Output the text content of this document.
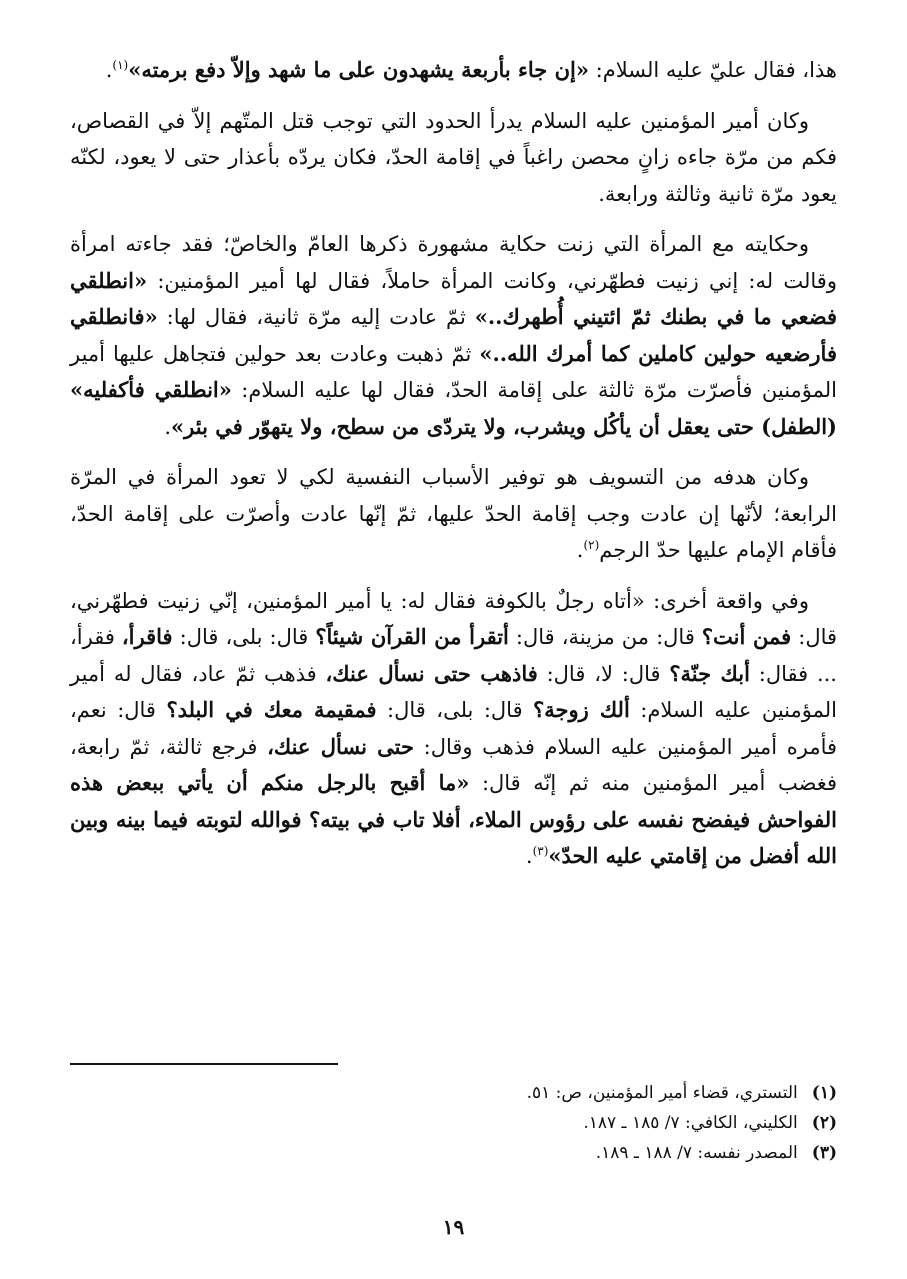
هذا، فقال عليّ عليه السلام: «إن جاء بأربعة يشهدون على ما شهد وإلاّ دفع برمته»$^{(١)}$.

وكان أمير المؤمنين عليه السلام يدرأ الحدود التي توجب قتل المتّهم إلاّ في القصاص، فكم من مرّة جاءه زانٍ محصن راغباً في إقامة الحدّ، فكان يردّه بأعذار حتى لا يعود، لكنّه يعود مرّة ثانية وثالثة ورابعة.

وحكايته مع المرأة التي زنت حكاية مشهورة ذكرها العامّ والخاصّ؛ فقد جاءته امرأة وقالت له: إني زنيت فطهّرني، وكانت المرأة حاملاً، فقال لها أمير المؤمنين: «انطلقي فضعي ما في بطنك ثمّ ائتيني أُطهرك..» ثمّ عادت إليه مرّة ثانية، فقال لها: «فانطلقي فأرضعيه حولين كاملين كما أمرك الله..» ثمّ ذهبت وعادت بعد حولين فتجاهل عليها أمير المؤمنين فأصرّت مرّة ثالثة على إقامة الحدّ، فقال لها عليه السلام: «انطلقي فأكفليه» (الطفل) حتى يعقل أن يأكُل ويشرب، ولا يتردّى من سطح، ولا يتهوّر في بئر».

وكان هدفه من التسويف هو توفير الأسباب النفسية لكي لا تعود المرأة في المرّة الرابعة؛ لأنّها إن عادت وجب إقامة الحدّ عليها، ثمّ إنّها عادت وأصرّت على إقامة الحدّ، فأقام الإمام عليها حدّ الرجم$^{(٢)}$.

وفي واقعة أخرى: «أتاه رجلٌ بالكوفة فقال له: يا أمير المؤمنين، إنّي زنيت فطهّرني، قال: فمن أنت؟ قال: من مزينة، قال: أتقرأ من القرآن شيئاً؟ قال: بلى، قال: فاقرأ، فقرأ، ... فقال: أبك جنّة؟ قال: لا، قال: فاذهب حتى نسأل عنك، فذهب ثمّ عاد، فقال له أمير المؤمنين عليه السلام: ألك زوجة؟ قال: بلى، قال: فمقيمة معك في البلد؟ قال: نعم، فأمره أمير المؤمنين عليه السلام فذهب وقال: حتى نسأل عنك، فرجع ثالثة، ثمّ رابعة، فغضب أمير المؤمنين منه ثم إنّه قال: «ما أقبح بالرجل منكم أن يأتي ببعض هذه الفواحش فيفضح نفسه على رؤوس الملاء، أفلا تاب في بيته؟ فوالله لتوبته فيما بينه وبين الله أفضل من إقامتي عليه الحدّ»$^{(٣)}$.

(١)التستري، قضاء أمير المؤمنين، ص: ٥١.

(٢)الكليني، الكافي: ٧/ ١٨٥ ـ ١٨٧.

(٣)المصدر نفسه: ٧/ ١٨٨ ـ ١٨٩.

١٩
